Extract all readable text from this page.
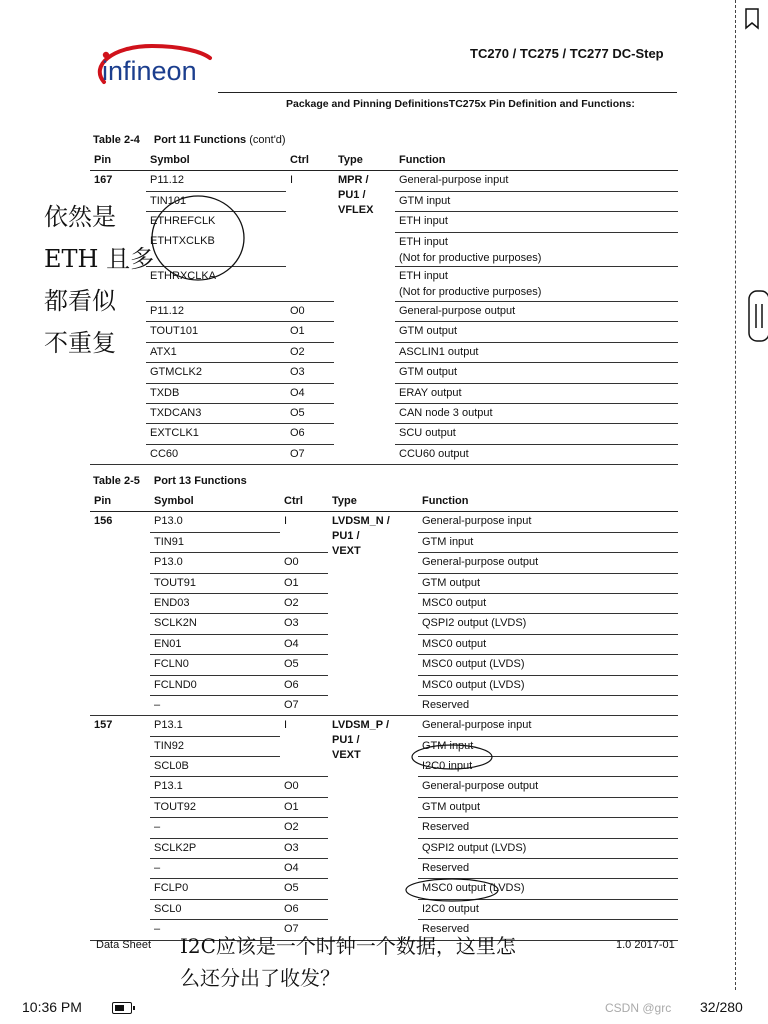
infineon
TC270 / TC275 / TC277 DC-Step
Package and Pinning DefinitionsTC275x Pin Definition and Functions:
Table 2-4 Port 11 Functions (cont'd)
Pin	Symbol	Ctrl	Type	Function
167	P11.12	I	MPR /
PU1 /
VFLEX	General-purpose input
	TIN101			GTM input
	ETHREFCLK			ETH input
	ETHTXCLKB			ETH input
(Not for productive purposes)

	ETHRXCLKA			ETH input
(Not for productive purposes)

	P11.12	O0		General-purpose output
	TOUT101	O1		GTM output
	ATX1	O2		ASCLIN1 output
	GTMCLK2	O3		GTM output
	TXDB	O4		ERAY output
	TXDCAN3	O5		CAN node 3 output
	EXTCLK1	O6		SCU output
	CC60	O7		CCU60 output
Table 2-5 Port 13 Functions
Pin	Symbol	Ctrl	Type	Function
156	P13.0	I	LVDSM_N /
PU1 /
VEXT	General-purpose input
	TIN91			GTM input
	P13.0	O0		General-purpose output
	TOUT91	O1		GTM output
	END03	O2		MSC0 output
	SCLK2N	O3		QSPI2 output (LVDS)
	EN01	O4		MSC0 output
	FCLN0	O5		MSC0 output (LVDS)
	FCLND0	O6		MSC0 output (LVDS)
	–	O7		Reserved
157	P13.1	I	LVDSM_P /
PU1 /
VEXT	General-purpose input
	TIN92			GTM input
	SCL0B			I2C0 input
	P13.1	O0		General-purpose output
	TOUT92	O1		GTM output
	–	O2		Reserved
	SCLK2P	O3		QSPI2 output (LVDS)
	–	O4		Reserved
	FCLP0	O5		MSC0 output (LVDS)
	SCL0	O6		I2C0 output
	–	O7		Reserved
Data Sheet	1.0 2017-01
依然是
ETH 且多
都看似
不重复
I2C应该是一个时钟一个数据，这里怎
么还分出了收发？
10:36 PM	CSDN @grc 32/280
